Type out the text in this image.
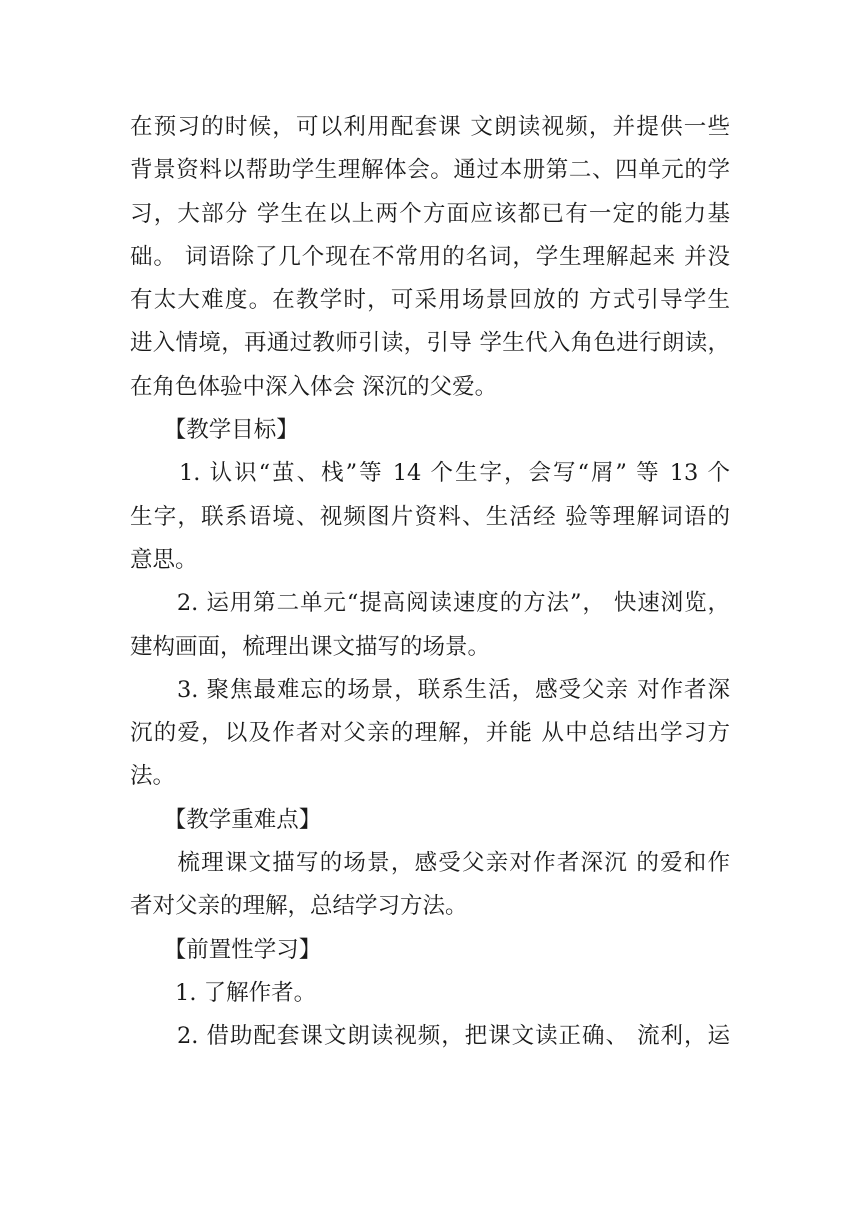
在预习的时候，可以利用配套课 文朗读视频，并提供一些
背景资料以帮助学生理解体会。通过本册第二、四单元的学
习，大部分 学生在以上两个方面应该都已有一定的能力基
础。 词语除了几个现在不常用的名词，学生理解起来 并没
有太大难度。在教学时，可采用场景回放的 方式引导学生
进入情境，再通过教师引读，引导 学生代入角色进行朗读，
在角色体验中深入体会 深沉的父爱。
　　【教学目标】
　　1. 认识“茧、栈”等 14 个生字，会写“屑” 等 13 个
生字，联系语境、视频图片资料、生活经 验等理解词语的
意思。
　　2. 运用第二单元“提高阅读速度的方法”， 快速浏览，
建构画面，梳理出课文描写的场景。
　　3. 聚焦最难忘的场景，联系生活，感受父亲 对作者深
沉的爱，以及作者对父亲的理解，并能 从中总结出学习方
法。
　　【教学重难点】
　　梳理课文描写的场景，感受父亲对作者深沉 的爱和作
者对父亲的理解，总结学习方法。
　　【前置性学习】
　　1. 了解作者。
　　2. 借助配套课文朗读视频，把课文读正确、 流利，运
